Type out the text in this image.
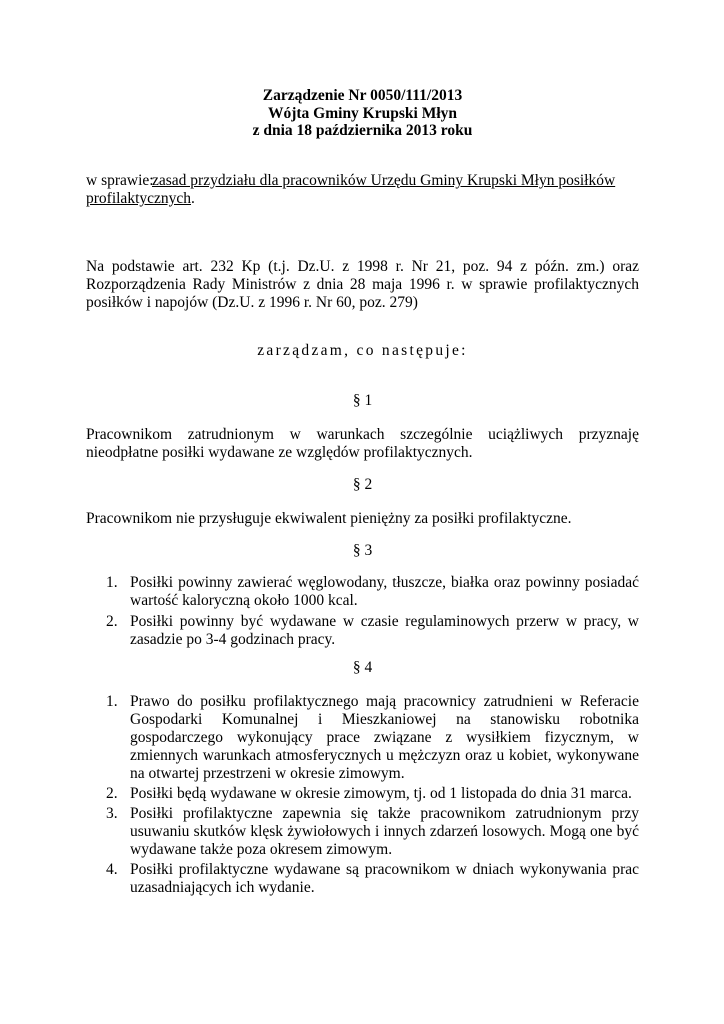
Zarządzenie Nr 0050/111/2013
Wójta Gminy Krupski Młyn
z dnia 18 października 2013 roku
w sprawie:
zasad przydziału dla pracowników Urzędu Gminy Krupski Młyn posiłków profilaktycznych.
Na podstawie art. 232 Kp (t.j. Dz.U. z 1998 r. Nr 21, poz. 94 z późn. zm.) oraz Rozporządzenia Rady Ministrów z dnia 28 maja 1996 r. w sprawie profilaktycznych posiłków i napojów (Dz.U. z 1996 r. Nr 60, poz. 279)
zarządzam, co następuje:
§ 1
Pracownikom zatrudnionym w warunkach szczególnie uciążliwych przyznaję nieodpłatne posiłki wydawane ze względów profilaktycznych.
§ 2
Pracownikom nie przysługuje ekwiwalent pieniężny za posiłki profilaktyczne.
§ 3
1. Posiłki powinny zawierać węglowodany, tłuszcze, białka oraz powinny posiadać wartość kaloryczną około 1000 kcal.
2. Posiłki powinny być wydawane w czasie regulaminowych przerw w pracy, w zasadzie po 3-4 godzinach pracy.
§ 4
1. Prawo do posiłku profilaktycznego mają pracownicy zatrudnieni w Referacie Gospodarki Komunalnej i Mieszkaniowej na stanowisku robotnika gospodarczego wykonujący prace związane z wysiłkiem fizycznym, w zmiennych warunkach atmosferycznych u mężczyzn oraz u kobiet, wykonywane na otwartej przestrzeni w okresie zimowym.
2. Posiłki będą wydawane w okresie zimowym, tj. od 1 listopada do dnia 31 marca.
3. Posiłki profilaktyczne zapewnia się także pracownikom zatrudnionym przy usuwaniu skutków klęsk żywiołowych i innych zdarzeń losowych. Mogą one być wydawane także poza okresem zimowym.
4. Posiłki profilaktyczne wydawane są pracownikom w dniach wykonywania prac uzasadniających ich wydanie.
